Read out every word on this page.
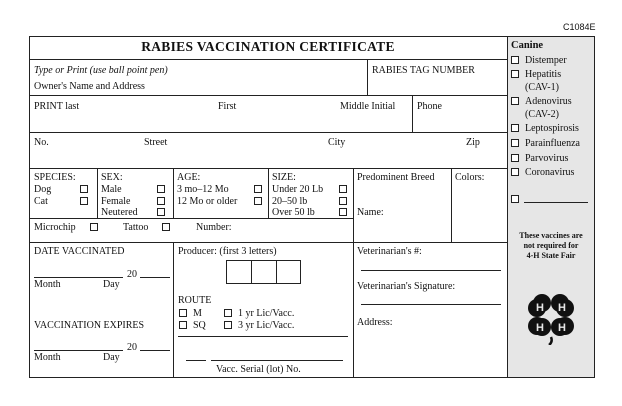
C1084E
RABIES VACCINATION CERTIFICATE
Type or Print (use ball point pen)
Owner's Name and Address
RABIES TAG NUMBER
PRINT last	First	Middle Initial Phone
No.	Street	City	Zip
SPECIES:
Dog
Cat
SEX:
Male
Female
Neutered
AGE:
3 mo–12 Mo
12 Mo or older
SIZE:
Under 20 Lb
20–50 lb
Over 50 lb
Predominent Breed Colors:
Name:
Microchip	Tattoo	Number:
DATE VACCINATED
20
Month	Day
VACCINATION EXPIRES
20
Month	Day
Producer: (first 3 letters)
ROUTE
M	1 yr Lic/Vacc.
SQ	3 yr Lic/Vacc.
Vacc. Serial (lot) No.
Veterinarian's #:
Veterinarian's Signature:
Address:
Canine
Distemper
Hepatitis
(CAV-1)
Adenovirus
(CAV-2)
Leptospirosis
Parainfluenza
Parvovirus
Coronavirus
These vaccines are
not required for
4-H State Fair
H H
H H
